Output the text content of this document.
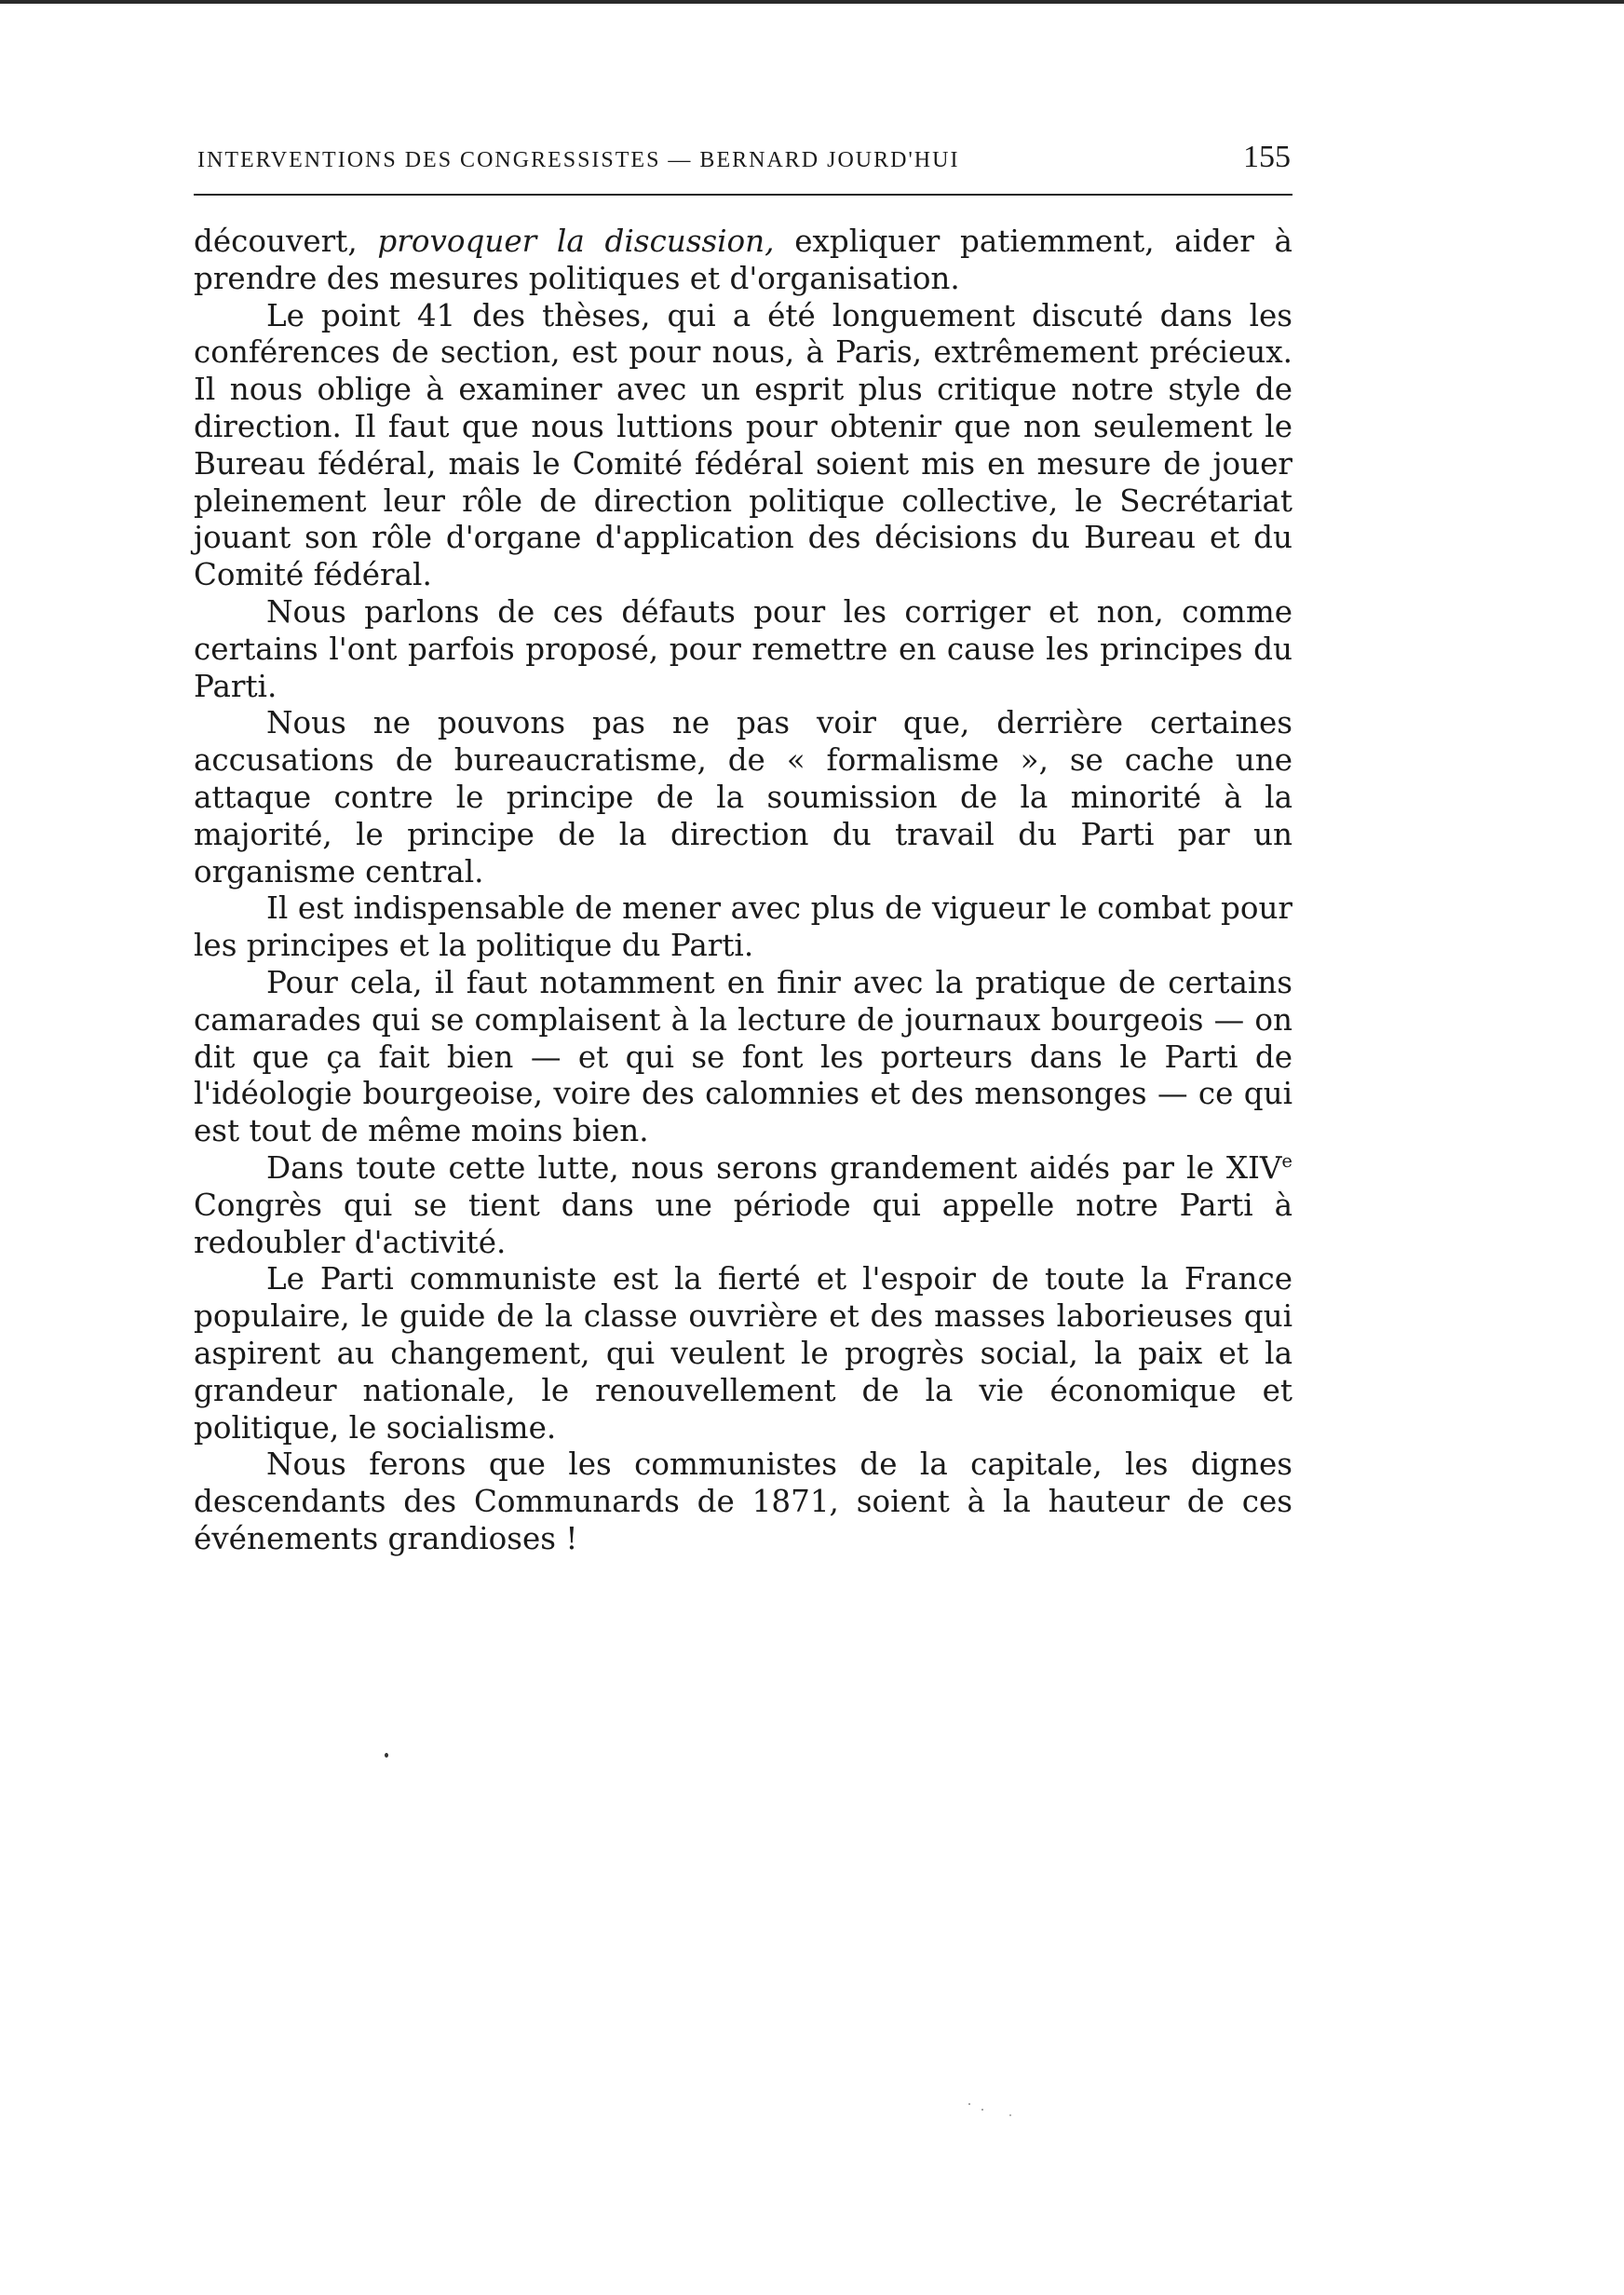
INTERVENTIONS DES CONGRESSISTES — BERNARD JOURD'HUI	155

découvert, provoquer la discussion, expliquer patiemment, aider à prendre des mesures politiques et d'organisation.

Le point 41 des thèses, qui a été longuement discuté dans les conférences de section, est pour nous, à Paris, extrêmement précieux. Il nous oblige à examiner avec un esprit plus critique notre style de direction. Il faut que nous luttions pour obtenir que non seulement le Bureau fédéral, mais le Comité fédéral soient mis en mesure de jouer pleinement leur rôle de direction politique collective, le Secrétariat jouant son rôle d'organe d'application des décisions du Bureau et du Comité fédéral.

Nous parlons de ces défauts pour les corriger et non, comme certains l'ont parfois proposé, pour remettre en cause les principes du Parti.

Nous ne pouvons pas ne pas voir que, derrière certaines accusations de bureaucratisme, de « formalisme », se cache une attaque contre le principe de la soumission de la minorité à la majorité, le principe de la direction du travail du Parti par un organisme central.

Il est indispensable de mener avec plus de vigueur le combat pour les principes et la politique du Parti.

Pour cela, il faut notamment en finir avec la pratique de certains camarades qui se complaisent à la lecture de journaux bourgeois — on dit que ça fait bien — et qui se font les porteurs dans le Parti de l'idéologie bourgeoise, voire des calomnies et des mensonges — ce qui est tout de même moins bien.

Dans toute cette lutte, nous serons grandement aidés par le XIVe Congrès qui se tient dans une période qui appelle notre Parti à redoubler d'activité.

Le Parti communiste est la fierté et l'espoir de toute la France populaire, le guide de la classe ouvrière et des masses laborieuses qui aspirent au changement, qui veulent le progrès social, la paix et la grandeur nationale, le renouvellement de la vie économique et politique, le socialisme.

Nous ferons que les communistes de la capitale, les dignes descendants des Communards de 1871, soient à la hauteur de ces événements grandioses !
